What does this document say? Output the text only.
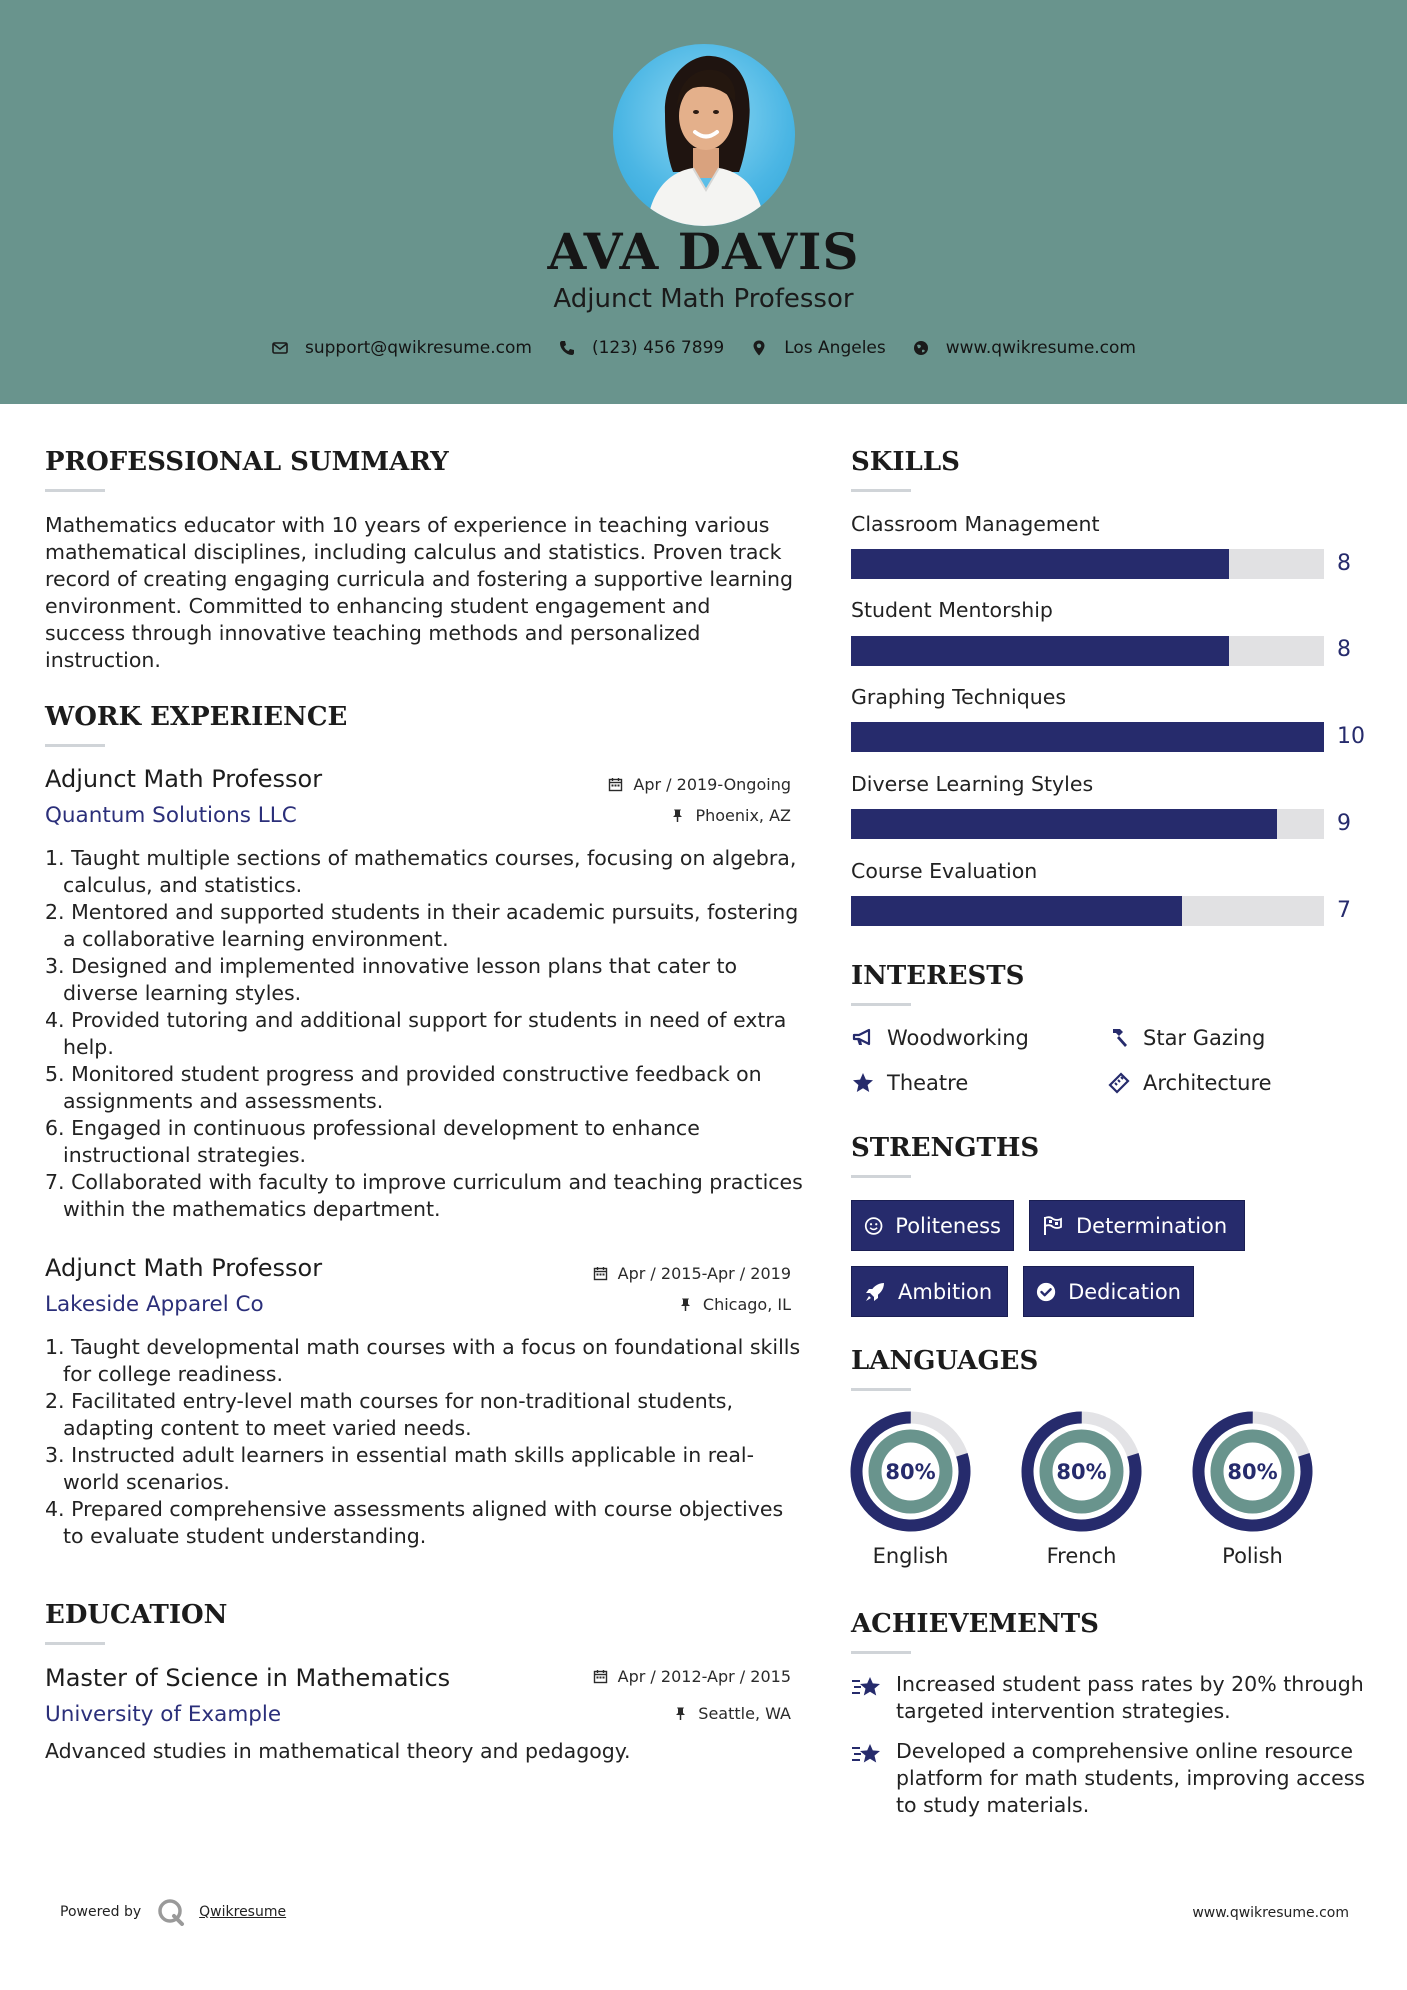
AVA DAVIS
Adjunct Math Professor
support@qwikresume.com	(123) 456 7899	Los Angeles	www.qwikresume.com
PROFESSIONAL SUMMARY
Mathematics educator with 10 years of experience in teaching various mathematical disciplines, including calculus and statistics. Proven track record of creating engaging curricula and fostering a supportive learning environment. Committed to enhancing student engagement and success through innovative teaching methods and personalized instruction.
WORK EXPERIENCE
Adjunct Math Professor
Quantum Solutions LLC
Apr / 2019-Ongoing
Phoenix, AZ
1. Taught multiple sections of mathematics courses, focusing on algebra, calculus, and statistics.
2. Mentored and supported students in their academic pursuits, fostering a collaborative learning environment.
3. Designed and implemented innovative lesson plans that cater to diverse learning styles.
4. Provided tutoring and additional support for students in need of extra help.
5. Monitored student progress and provided constructive feedback on assignments and assessments.
6. Engaged in continuous professional development to enhance instructional strategies.
7. Collaborated with faculty to improve curriculum and teaching practices within the mathematics department.
Adjunct Math Professor
Lakeside Apparel Co
Apr / 2015-Apr / 2019
Chicago, IL
1. Taught developmental math courses with a focus on foundational skills for college readiness.
2. Facilitated entry-level math courses for non-traditional students, adapting content to meet varied needs.
3. Instructed adult learners in essential math skills applicable in real-world scenarios.
4. Prepared comprehensive assessments aligned with course objectives to evaluate student understanding.
EDUCATION
Master of Science in Mathematics
University of Example
Apr / 2012-Apr / 2015
Seattle, WA
Advanced studies in mathematical theory and pedagogy.
SKILLS
Classroom Management
8
Student Mentorship
8
Graphing Techniques
10
Diverse Learning Styles
9
Course Evaluation
7
INTERESTS
Woodworking	Star Gazing
Theatre	Architecture
STRENGTHS
Politeness	Determination
Ambition	Dedication
LANGUAGES
80%
English
80%
French
80%
Polish
ACHIEVEMENTS
Increased student pass rates by 20% through targeted intervention strategies.
Developed a comprehensive online resource platform for math students, improving access to study materials.
Powered by	Qwikresume	www.qwikresume.com
